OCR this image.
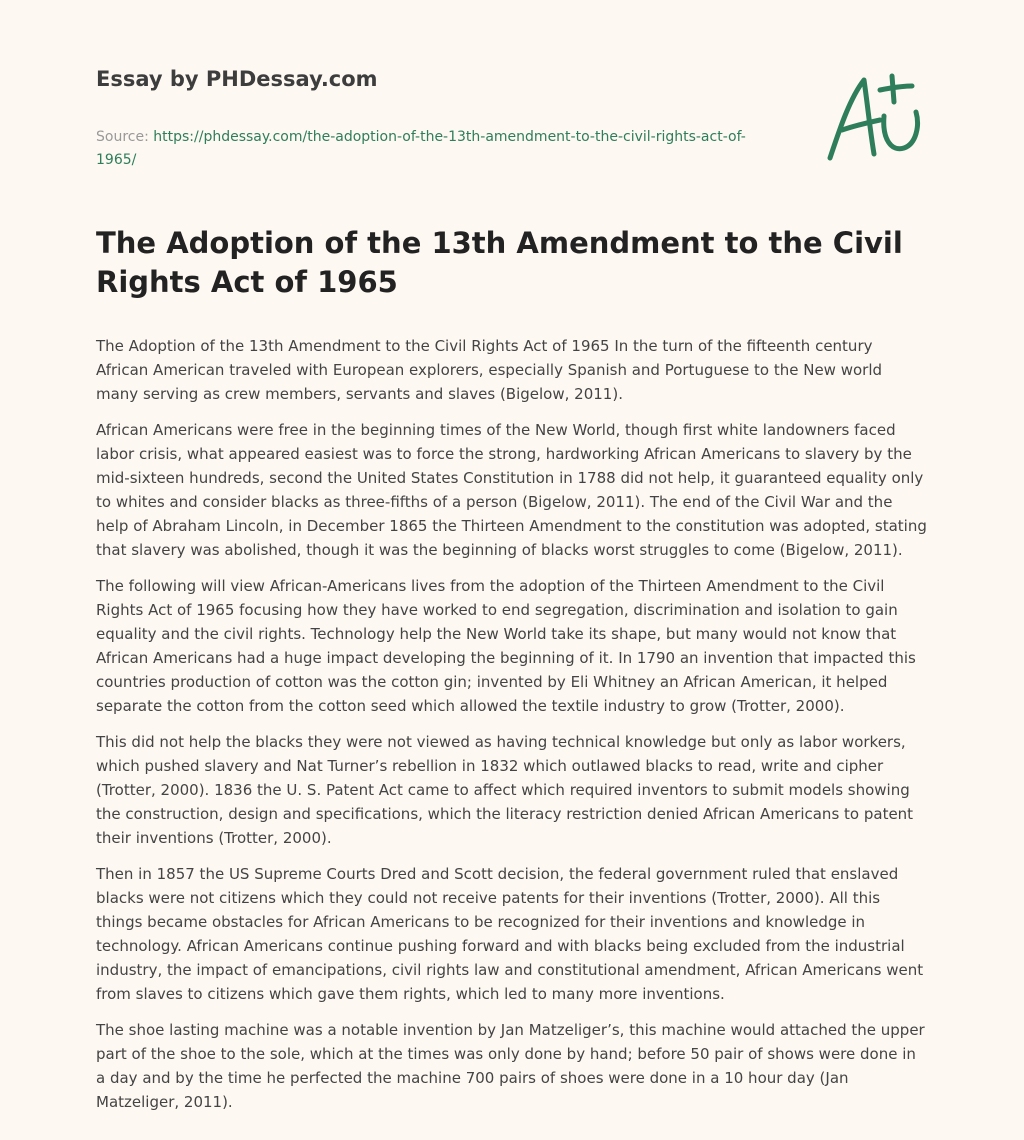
Essay by PHDessay.com
Source: https://phdessay.com/the-adoption-of-the-13th-amendment-to-the-civil-rights-act-of-1965/
The Adoption of the 13th Amendment to the Civil Rights Act of 1965

The Adoption of the 13th Amendment to the Civil Rights Act of 1965 In the turn of the fifteenth century African American traveled with European explorers, especially Spanish and Portuguese to the New world many serving as crew members, servants and slaves (Bigelow, 2011).

African Americans were free in the beginning times of the New World, though first white landowners faced labor crisis, what appeared easiest was to force the strong, hardworking African Americans to slavery by the mid-sixteen hundreds, second the United States Constitution in 1788 did not help, it guaranteed equality only to whites and consider blacks as three-fifths of a person (Bigelow, 2011). The end of the Civil War and the help of Abraham Lincoln, in December 1865 the Thirteen Amendment to the constitution was adopted, stating that slavery was abolished, though it was the beginning of blacks worst struggles to come (Bigelow, 2011).

The following will view African-Americans lives from the adoption of the Thirteen Amendment to the Civil Rights Act of 1965 focusing how they have worked to end segregation, discrimination and isolation to gain equality and the civil rights. Technology help the New World take its shape, but many would not know that African Americans had a huge impact developing the beginning of it. In 1790 an invention that impacted this countries production of cotton was the cotton gin; invented by Eli Whitney an African American, it helped separate the cotton from the cotton seed which allowed the textile industry to grow (Trotter, 2000).

This did not help the blacks they were not viewed as having technical knowledge but only as labor workers, which pushed slavery and Nat Turner’s rebellion in 1832 which outlawed blacks to read, write and cipher (Trotter, 2000). 1836 the U. S. Patent Act came to affect which required inventors to submit models showing the construction, design and specifications, which the literacy restriction denied African Americans to patent their inventions (Trotter, 2000).

Then in 1857 the US Supreme Courts Dred and Scott decision, the federal government ruled that enslaved blacks were not citizens which they could not receive patents for their inventions (Trotter, 2000). All this things became obstacles for African Americans to be recognized for their inventions and knowledge in technology. African Americans continue pushing forward and with blacks being excluded from the industrial industry, the impact of emancipations, civil rights law and constitutional amendment, African Americans went from slaves to citizens which gave them rights, which led to many more inventions.

The shoe lasting machine was a notable invention by Jan Matzeliger’s, this machine would attached the upper part of the shoe to the sole, which at the times was only done by hand; before 50 pair of shows were done in a day and by the time he perfected the machine 700 pairs of shoes were done in a 10 hour day (Jan Matzeliger, 2011).
